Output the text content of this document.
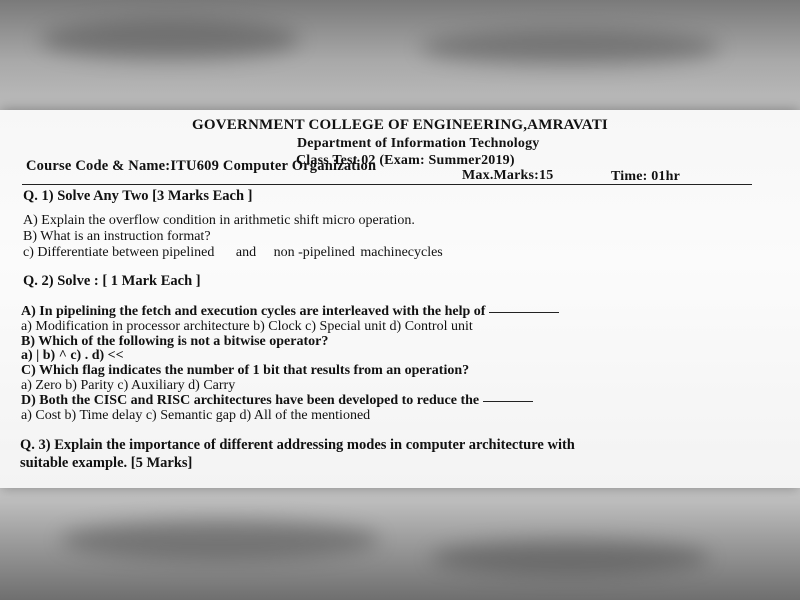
GOVERNMENT COLLEGE OF ENGINEERING,AMRAVATI
Department of Information Technology
Class Test 02 (Exam: Summer2019)
Course Code & Name:ITU609 Computer Organization
Max.Marks:15	Time: 01hr
Q. 1) Solve Any Two [3 Marks Each ]
A) Explain the overflow condition in arithmetic shift micro operation.
B) What is an instruction format?
c) Differentiate between pipelined and non -pipelined machinecycles
Q. 2) Solve : [ 1 Mark Each ]
A) In pipelining the fetch and execution cycles are interleaved with the help of
a) Modification in processor architecture b) Clock c) Special unit d) Control unit
B) Which of the following is not a bitwise operator?
a) | b) ^ c) . d) <<
C) Which flag indicates the number of 1 bit that results from an operation?
a) Zero b) Parity c) Auxiliary d) Carry
D) Both the CISC and RISC architectures have been developed to reduce the
a) Cost b) Time delay c) Semantic gap d) All of the mentioned
Q. 3) Explain the importance of different addressing modes in computer architecture with
suitable example. [5 Marks]
